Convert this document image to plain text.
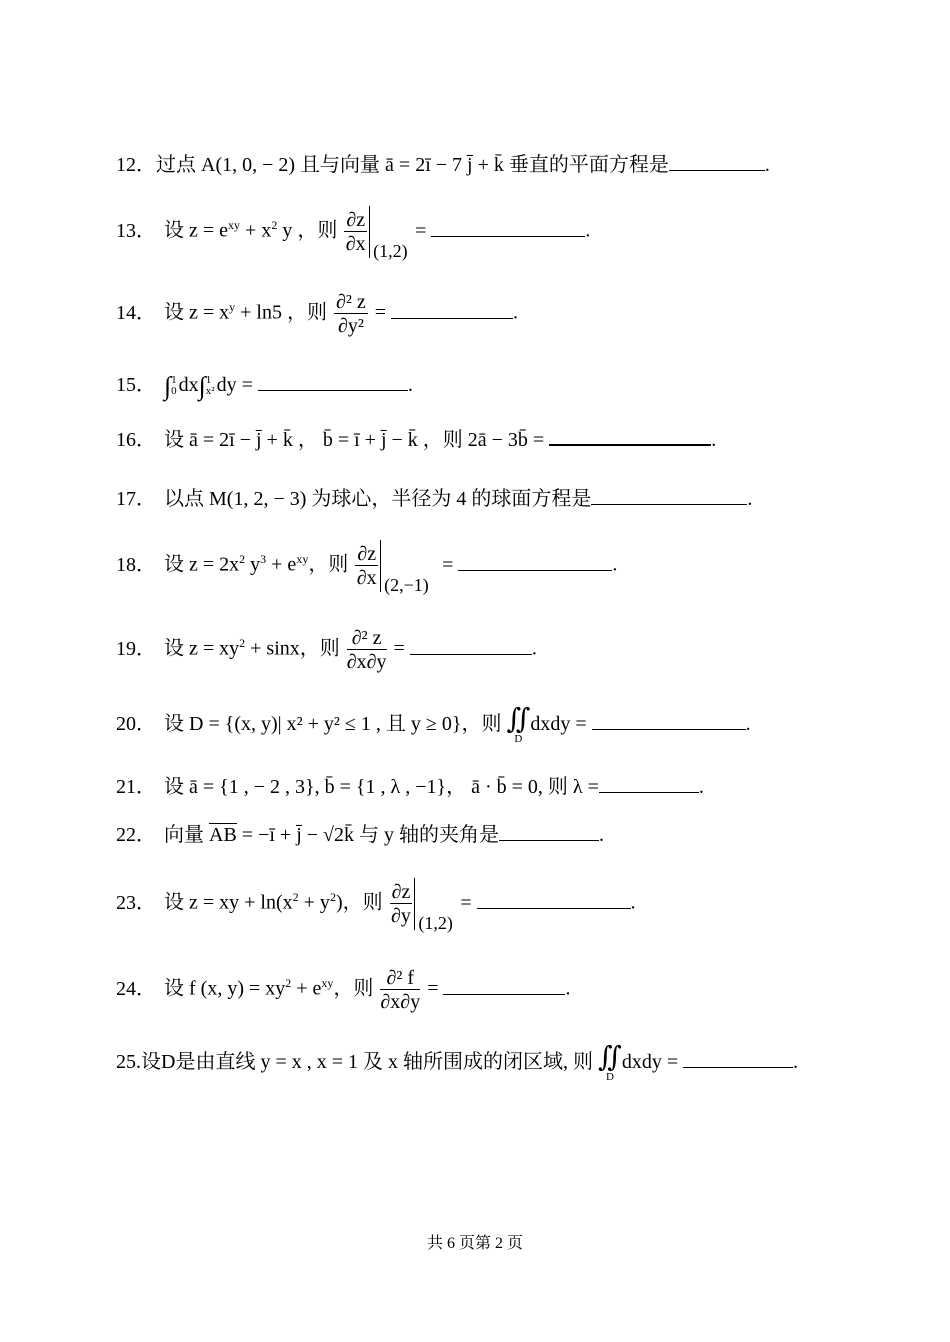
12．过点 A(1, 0, − 2) 且与向量 ā = 2ī − 7 j̄ + k̄ 垂直的平面方程是	.
13． 设 $z = e^{xy} + x^2$ y ，则 $\frac{\partial z}{\partial x} (1,2)$
=	.
14． 设 $z = x^y + \ln 5$ ，则 $\frac{\text{∂² z}}{\text{∂y²}}$ =	.
15． ∫ 1
0 dx∫ 1
x² dy =	.
16． 设 ā = 2ī − j̄ + k̄ ， b̄ = ī + j̄ − k̄ ，则 2ā − 3b̄ =	.
17． 以点 M(1, 2, − 3) 为球心，半径为 4 的球面方程是	.
18． 设 $z = 2x^2$ $y^3 + e^{xy}$，则 $\frac{\partial z}{\partial x} (2,-1)$
=	.
19． 设 $z = xy^2 + \sin x$，则 $\frac{\text{∂² z}}{\partial x\partial y}$ =	.
20． 设 D = {(x, y)| x² + y² ≤ 1 , 且 y ≥ 0}，则 ∬
D
dxdy =	.
21． 设 ā = {1 , − 2 , 3}, b̄ = {1 , λ , −1}， ā · b̄ = 0, 则 λ =	.
22． 向量 AB = −ī + j̄ − √2k̄ 与 y 轴的夹角是	.
23． 设 z = xy + $\ln(x^2 + y^2)$，则 $\frac{\partial z}{\partial y} (1,2)$
=	.
24． 设 f (x, $y) = xy^2 + e^{xy}$，则 $\frac{\text{∂² f}}{\partial x\partial y}$ =	.
25.设D是由直线 y = x , x = 1 及 x 轴所围成的闭区域, 则 ∬
D
dxdy =	.
共 6 页第 2 页
